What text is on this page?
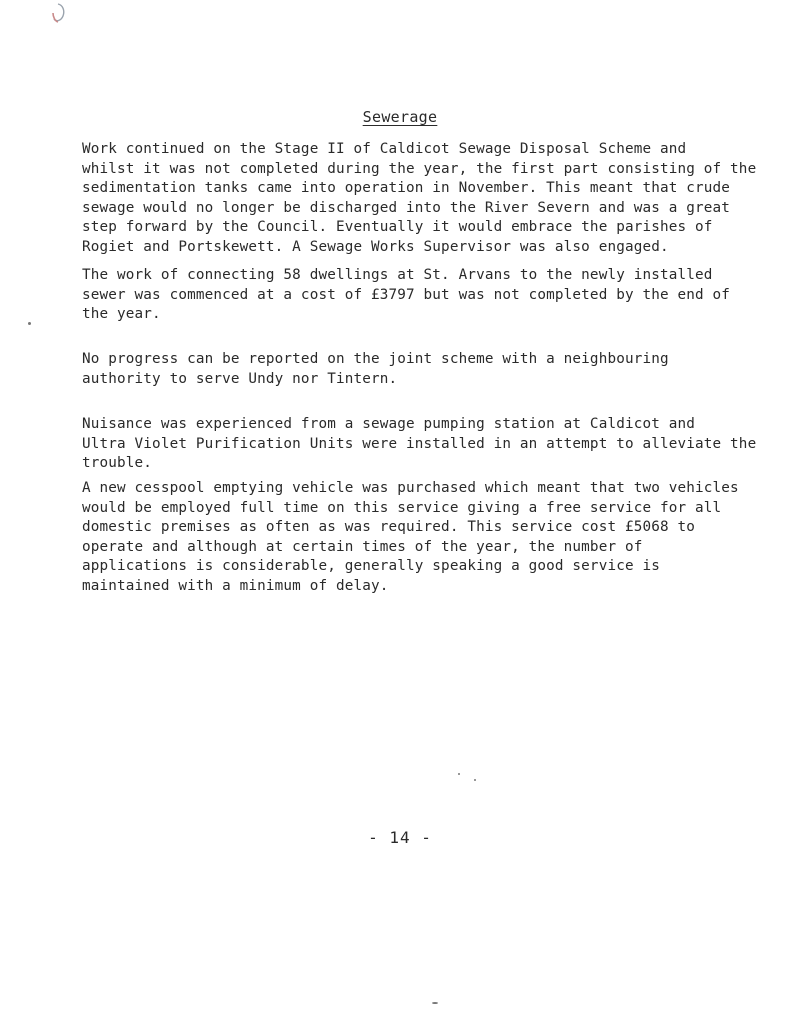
Sewerage
Work continued on the Stage II of Caldicot Sewage Disposal Scheme and
whilst it was not completed during the year, the first part consisting of the
sedimentation tanks came into operation in November. This meant that crude
sewage would no longer be discharged into the River Severn and was a great
step forward by the Council. Eventually it would embrace the parishes of
Rogiet and Portskewett. A Sewage Works Supervisor was also engaged.
The work of connecting 58 dwellings at St. Arvans to the newly installed
sewer was commenced at a cost of £3797 but was not completed by the end of
the year.
No progress can be reported on the joint scheme with a neighbouring
authority to serve Undy nor Tintern.
Nuisance was experienced from a sewage pumping station at Caldicot and
Ultra Violet Purification Units were installed in an attempt to alleviate the
trouble.
A new cesspool emptying vehicle was purchased which meant that two vehicles
would be employed full time on this service giving a free service for all
domestic premises as often as was required. This service cost £5068 to
operate and although at certain times of the year, the number of
applications is considerable, generally speaking a good service is
maintained with a minimum of delay.
- 14 -
